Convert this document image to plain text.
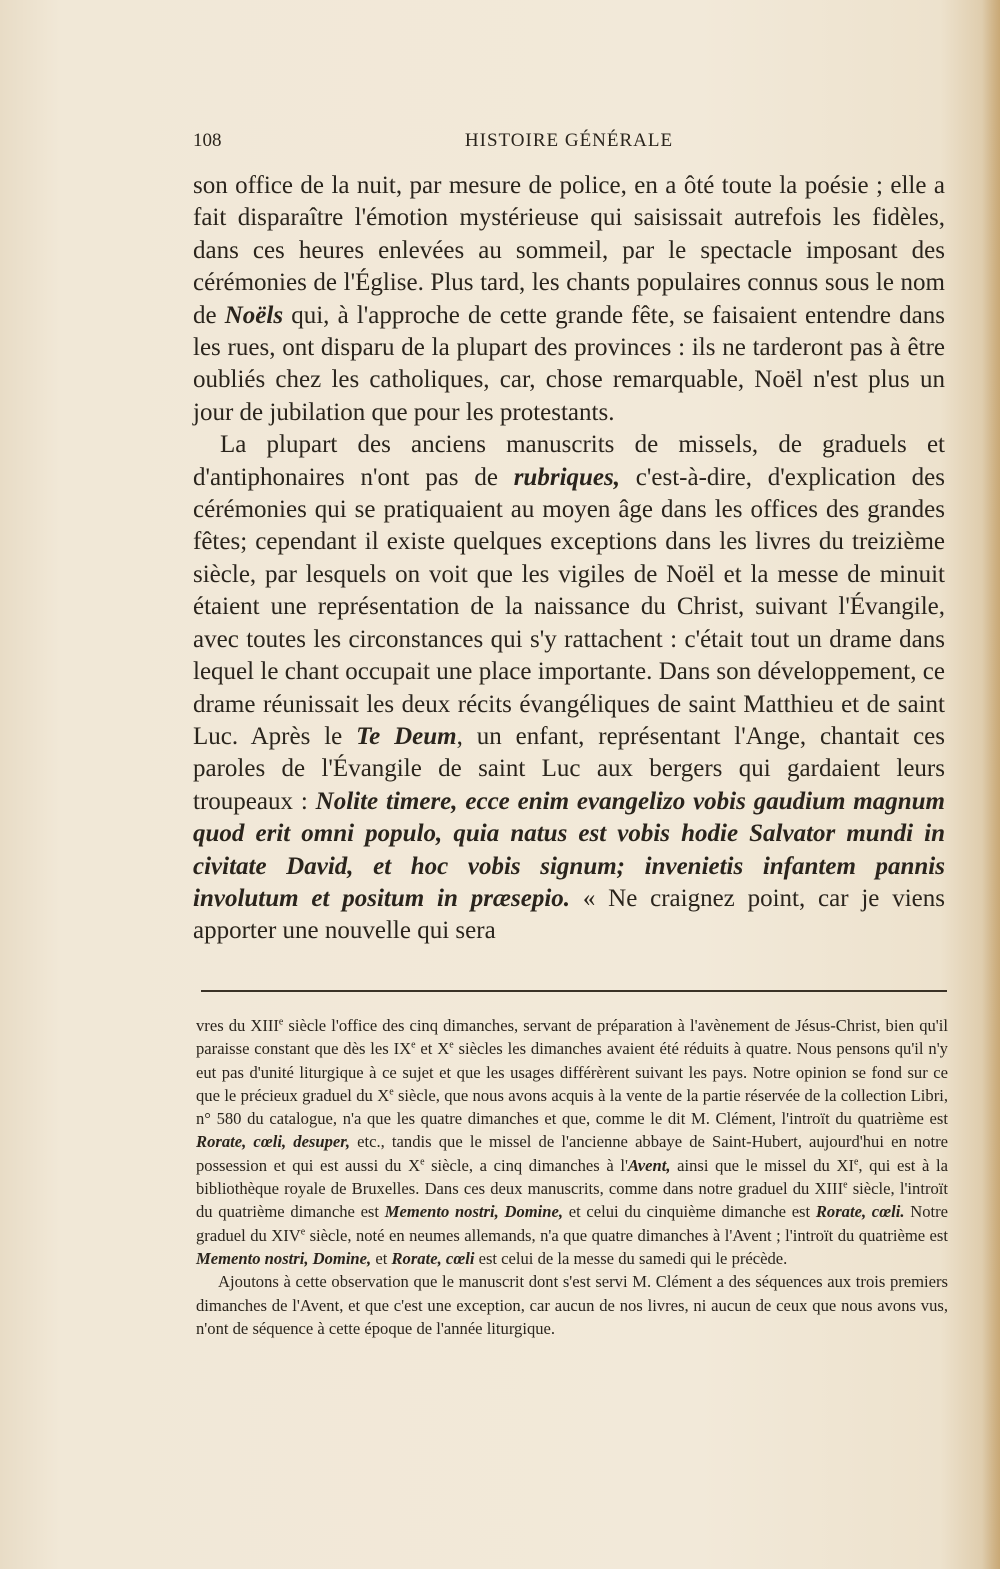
108	HISTOIRE GÉNÉRALE

son office de la nuit, par mesure de police, en a ôté toute la poésie ; elle a fait disparaître l'émotion mystérieuse qui saisissait autrefois les fidèles, dans ces heures enlevées au sommeil, par le spectacle imposant des cérémonies de l'Église. Plus tard, les chants populaires connus sous le nom de Noëls qui, à l'approche de cette grande fête, se faisaient entendre dans les rues, ont disparu de la plupart des provinces : ils ne tarderont pas à être oubliés chez les catholiques, car, chose remarquable, Noël n'est plus un jour de jubilation que pour les protestants.

La plupart des anciens manuscrits de missels, de graduels et d'antiphonaires n'ont pas de rubriques, c'est-à-dire, d'explication des cérémonies qui se pratiquaient au moyen âge dans les offices des grandes fêtes; cependant il existe quelques exceptions dans les livres du treizième siècle, par lesquels on voit que les vigiles de Noël et la messe de minuit étaient une représentation de la naissance du Christ, suivant l'Évangile, avec toutes les circonstances qui s'y rattachent : c'était tout un drame dans lequel le chant occupait une place importante. Dans son développement, ce drame réunissait les deux récits évangéliques de saint Matthieu et de saint Luc. Après le Te Deum, un enfant, représentant l'Ange, chantait ces paroles de l'Évangile de saint Luc aux bergers qui gardaient leurs troupeaux : Nolite timere, ecce enim evangelizo vobis gaudium magnum quod erit omni populo, quia natus est vobis hodie Salvator mundi in civitate David, et hoc vobis signum; invenietis infantem pannis involutum et positum in præsepio. « Ne craignez point, car je viens apporter une nouvelle qui sera

vres du XIIIe siècle l'office des cinq dimanches, servant de préparation à l'avènement de Jésus-Christ, bien qu'il paraisse constant que dès les IXe et Xe siècles les dimanches avaient été réduits à quatre. Nous pensons qu'il n'y eut pas d'unité liturgique à ce sujet et que les usages différèrent suivant les pays. Notre opinion se fond sur ce que le précieux graduel du Xe siècle, que nous avons acquis à la vente de la partie réservée de la collection Libri, n° 580 du catalogue, n'a que les quatre dimanches et que, comme le dit M. Clément, l'introït du quatrième est Rorate, cœli, desuper, etc., tandis que le missel de l'ancienne abbaye de Saint-Hubert, aujourd'hui en notre possession et qui est aussi du Xe siècle, a cinq dimanches à l'Avent, ainsi que le missel du XIe, qui est à la bibliothèque royale de Bruxelles. Dans ces deux manuscrits, comme dans notre graduel du XIIIe siècle, l'introït du quatrième dimanche est Memento nostri, Domine, et celui du cinquième dimanche est Rorate, cœli. Notre graduel du XIVe siècle, noté en neumes allemands, n'a que quatre dimanches à l'Avent ; l'introït du quatrième est Memento nostri, Domine, et Rorate, cœli est celui de la messe du samedi qui le précède.

Ajoutons à cette observation que le manuscrit dont s'est servi M. Clément a des séquences aux trois premiers dimanches de l'Avent, et que c'est une exception, car aucun de nos livres, ni aucun de ceux que nous avons vus, n'ont de séquence à cette époque de l'année liturgique.
